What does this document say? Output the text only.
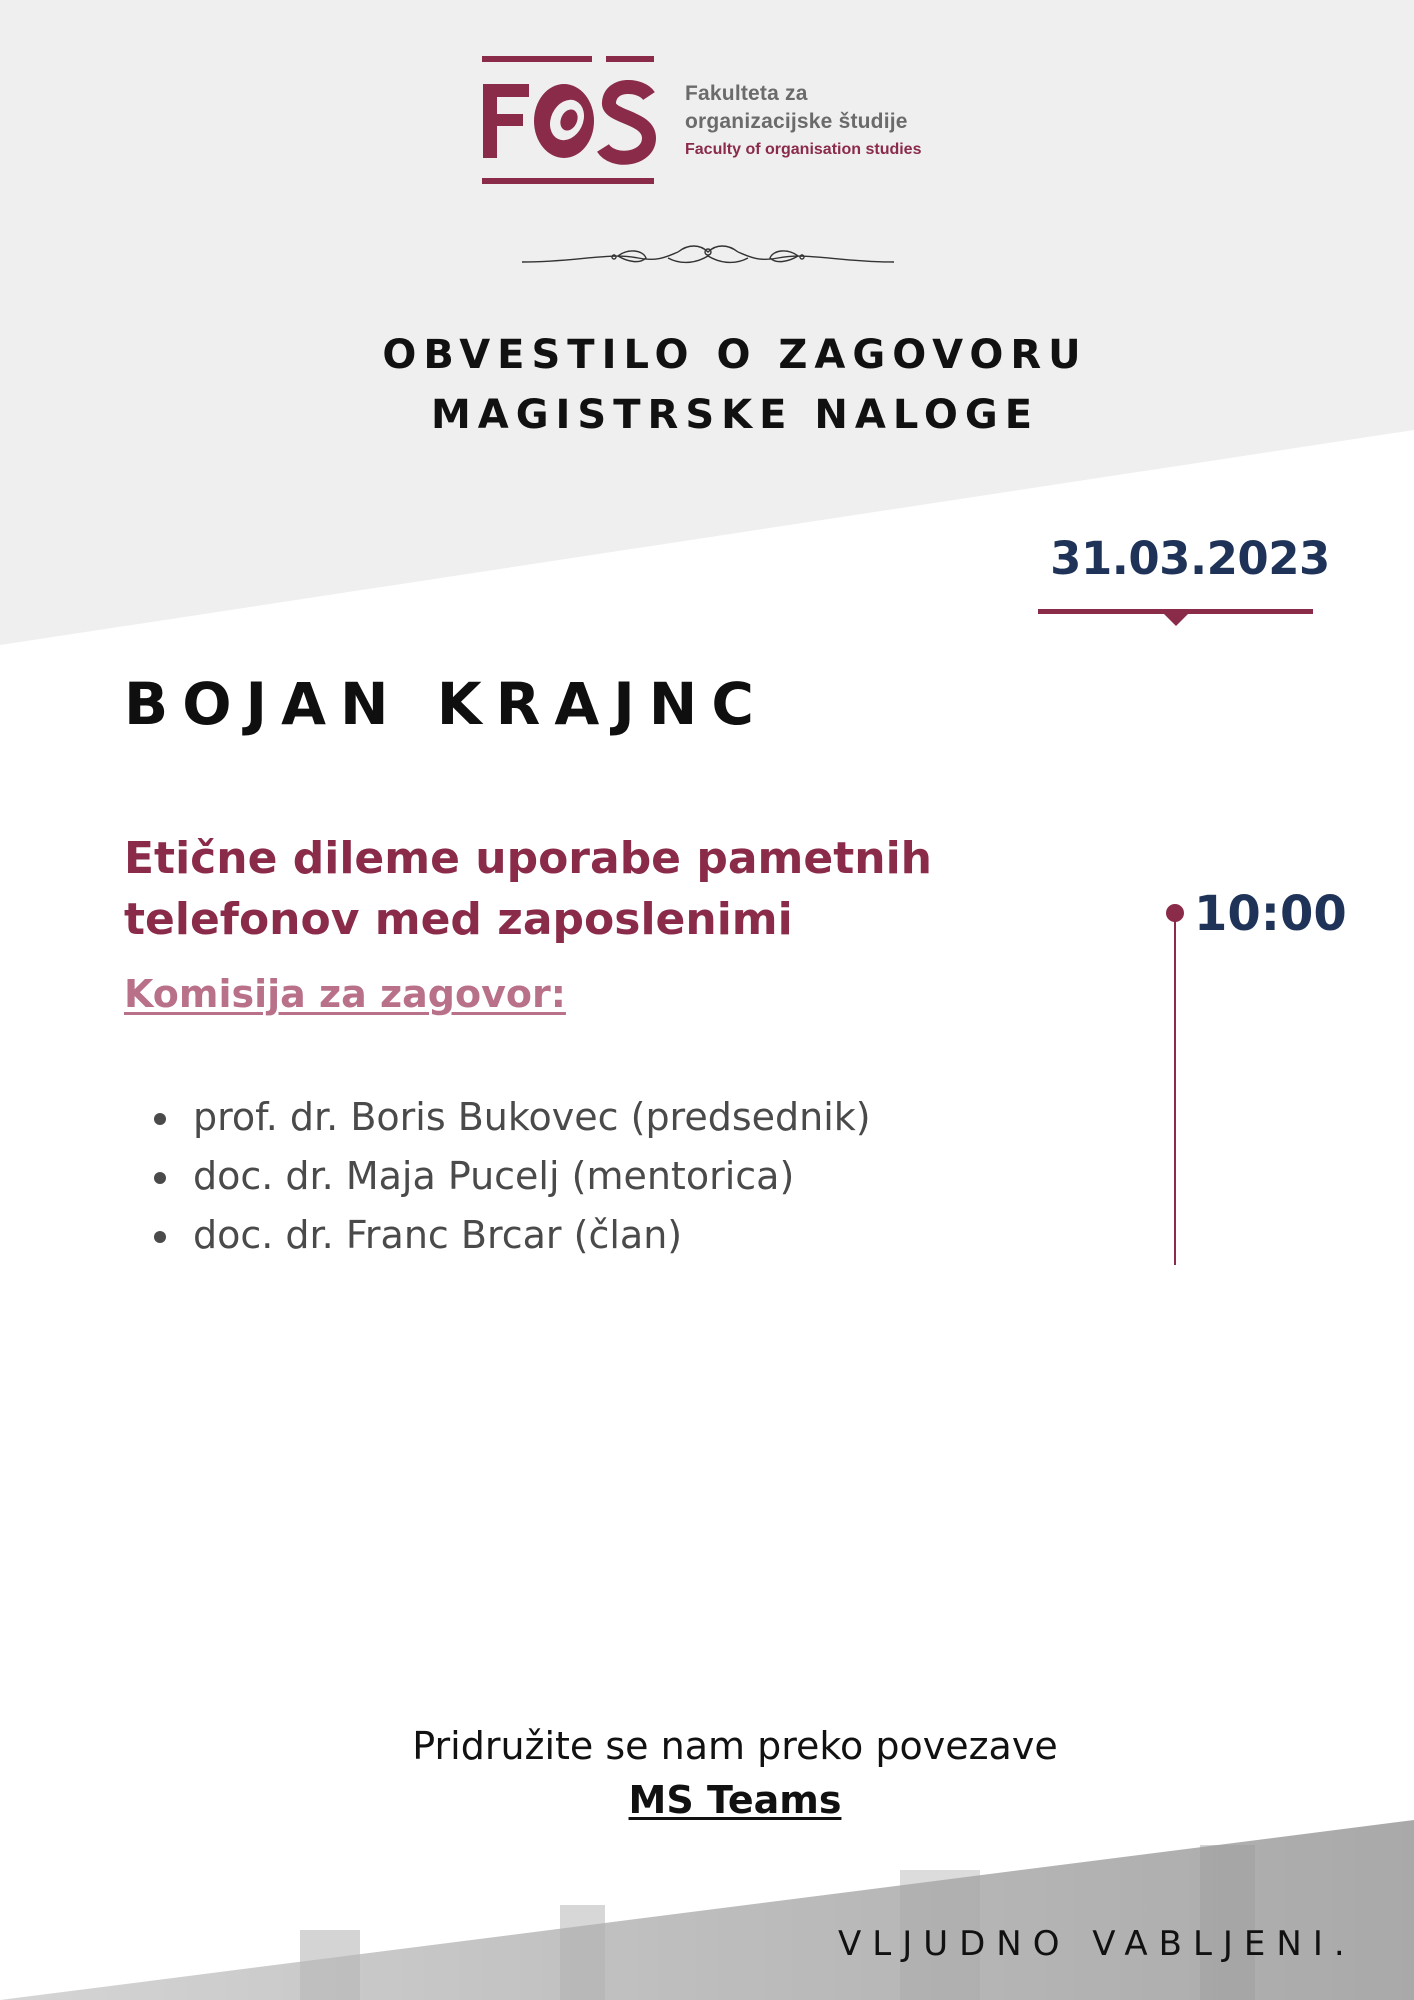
Fakulteta za
organizacijske študije
Faculty of organisation studies
OBVESTILO O ZAGOVORU
MAGISTRSKE NALOGE
31.03.2023
BOJAN KRAJNC
Etične dileme uporabe pametnih telefonov med zaposlenimi
Komisija za zagovor:
prof. dr. Boris Bukovec (predsednik)
doc. dr. Maja Pucelj (mentorica)
doc. dr. Franc Brcar (član)
10:00
Pridružite se nam preko povezave
MS Teams
VLJUDNO VABLJENI.
